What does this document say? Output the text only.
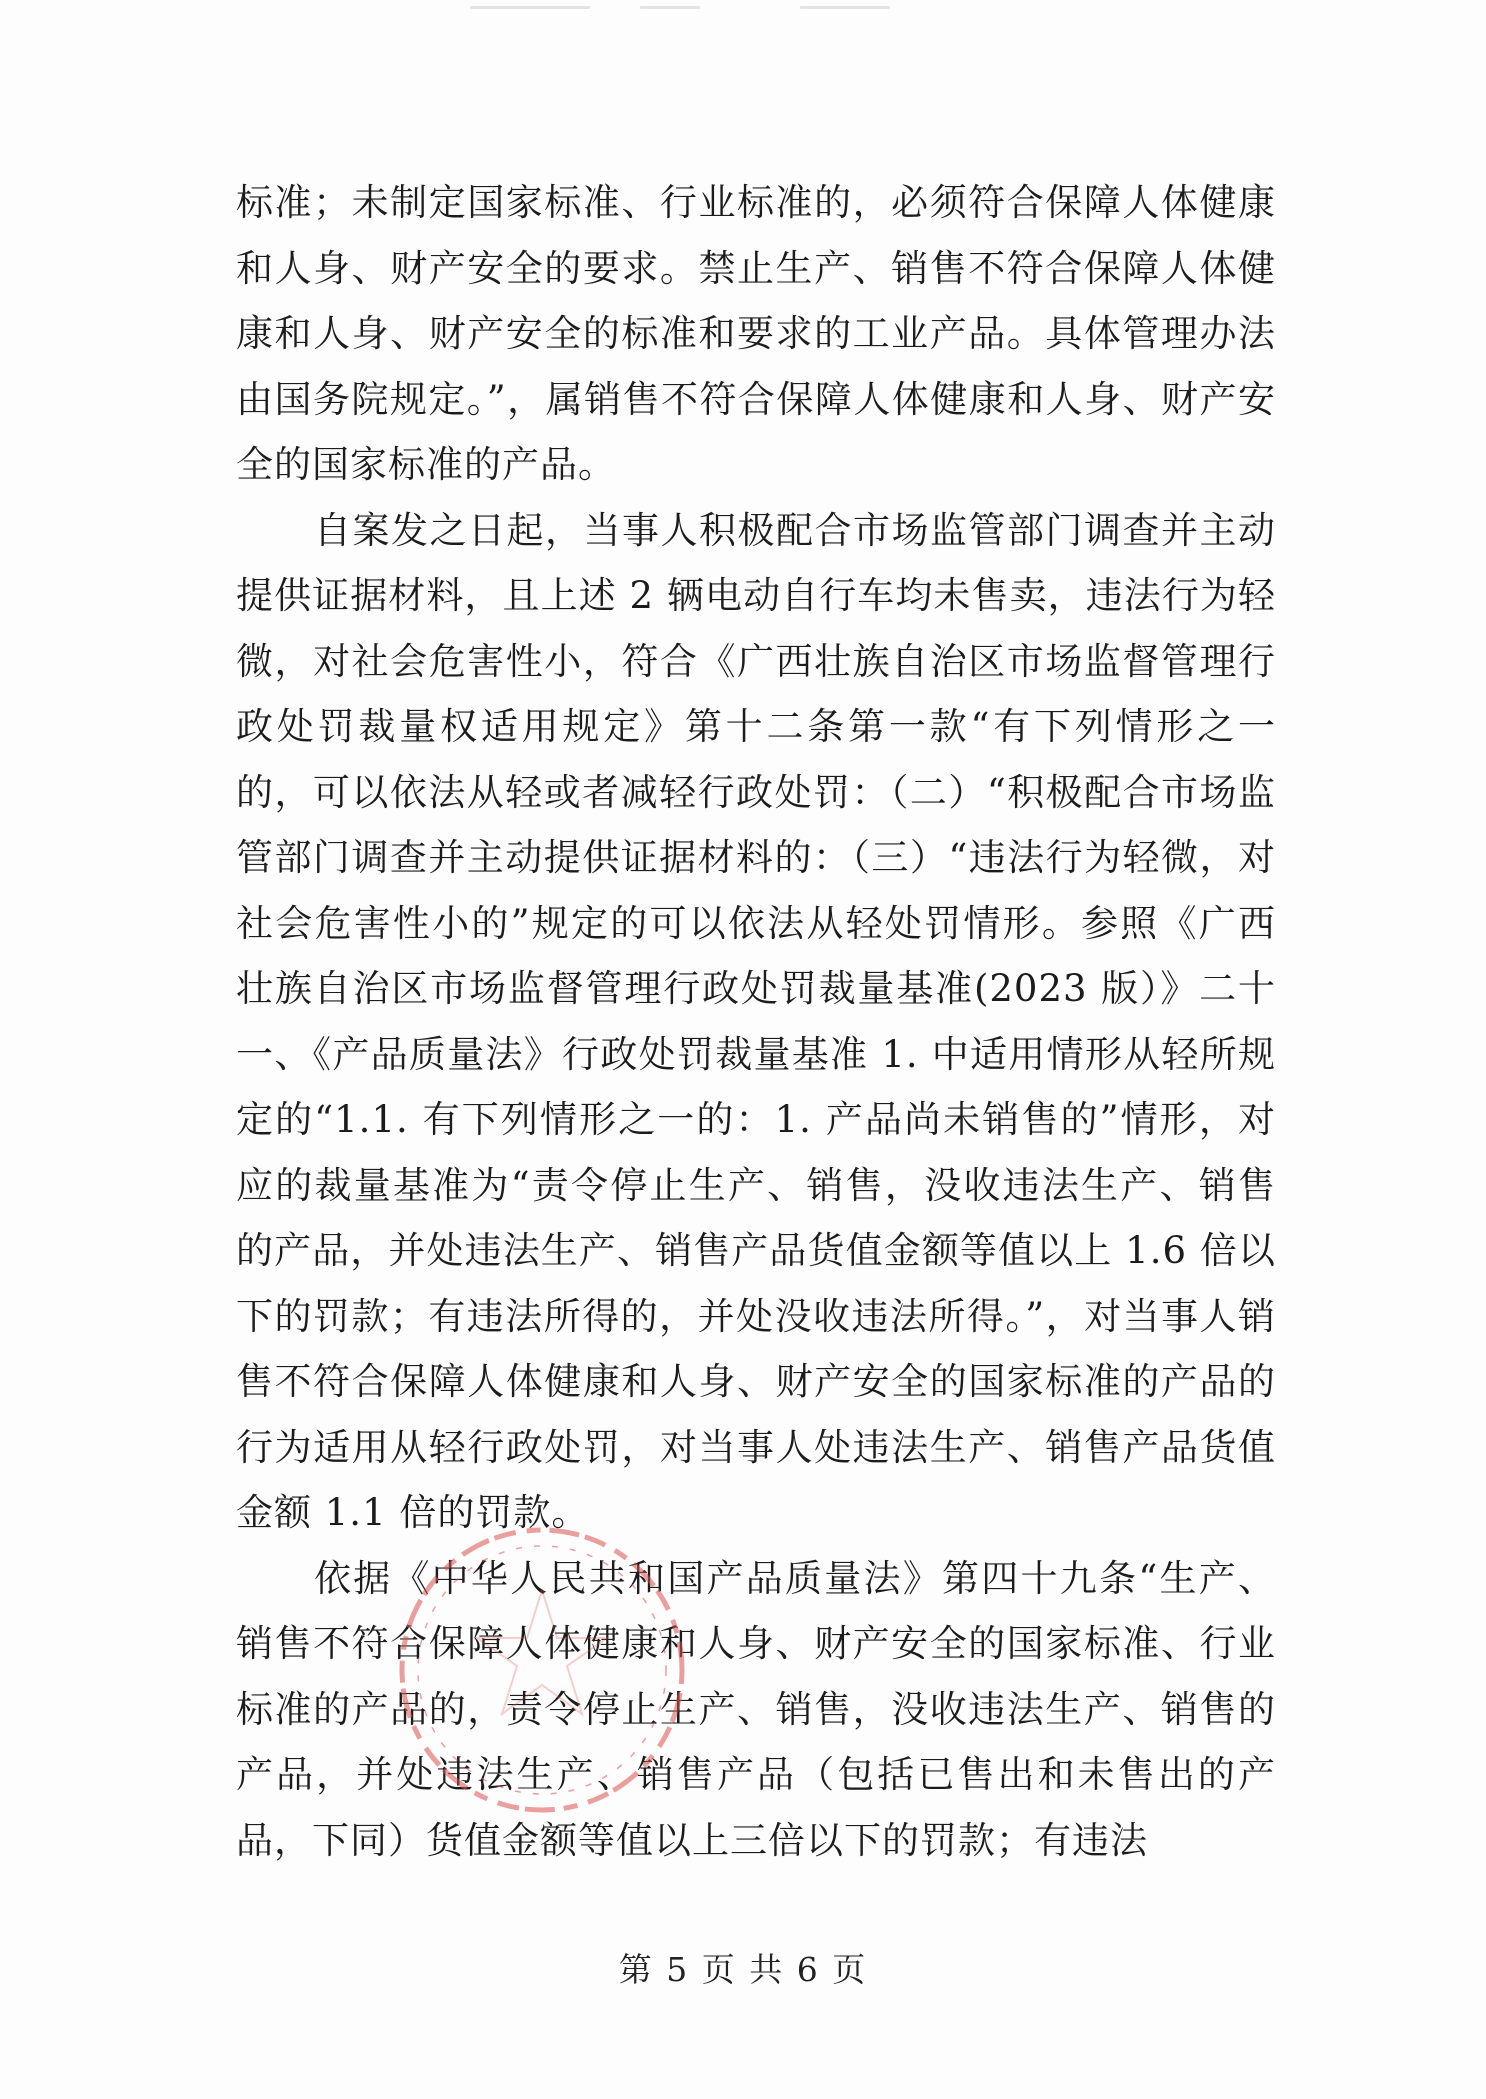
标准；未制定国家标准、行业标准的，必须符合保障人体健康和人身、财产安全的要求。禁止生产、销售不符合保障人体健康和人身、财产安全的标准和要求的工业产品。具体管理办法由国务院规定。”，属销售不符合保障人体健康和人身、财产安全的国家标准的产品。

自案发之日起，当事人积极配合市场监管部门调查并主动提供证据材料，且上述 2 辆电动自行车均未售卖，违法行为轻微，对社会危害性小，符合《广西壮族自治区市场监督管理行政处罚裁量权适用规定》第十二条第一款“有下列情形之一的，可以依法从轻或者减轻行政处罚：（二）“积极配合市场监管部门调查并主动提供证据材料的：（三）“违法行为轻微，对社会危害性小的”规定的可以依法从轻处罚情形。参照《广西壮族自治区市场监督管理行政处罚裁量基准(2023 版）》二十一、《产品质量法》行政处罚裁量基准 1. 中适用情形从轻所规定的“1.1. 有下列情形之一的：1. 产品尚未销售的”情形，对应的裁量基准为“责令停止生产、销售，没收违法生产、销售的产品，并处违法生产、销售产品货值金额等值以上 1.6 倍以下的罚款；有违法所得的，并处没收违法所得。”，对当事人销售不符合保障人体健康和人身、财产安全的国家标准的产品的行为适用从轻行政处罚，对当事人处违法生产、销售产品货值金额 1.1 倍的罚款。

依据《中华人民共和国产品质量法》第四十九条“生产、销售不符合保障人体健康和人身、财产安全的国家标准、行业标准的产品的，责令停止生产、销售，没收违法生产、销售的产品，并处违法生产、销售产品（包括已售出和未售出的产品，下同）货值金额等值以上三倍以下的罚款；有违法

第 5 页 共 6 页
